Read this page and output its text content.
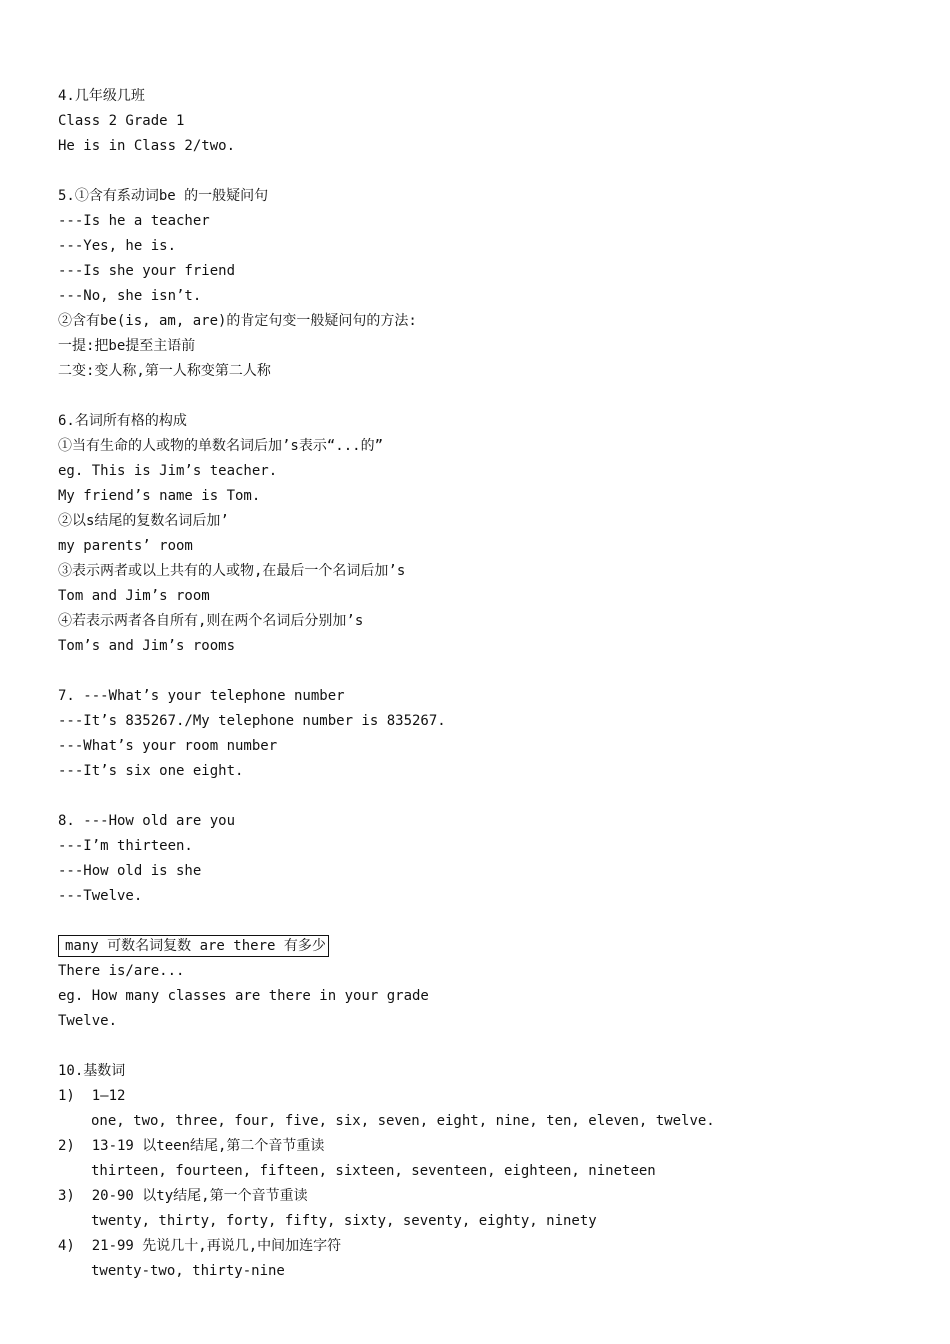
4.几年级几班
Class 2 Grade 1
He is in Class 2/two.
5.①含有系动词be 的一般疑问句
---Is he a teacher
---Yes, he is.
---Is she your friend
---No, she isn’t.
②含有be(is, am, are)的肯定句变一般疑问句的方法:
一提:把be提至主语前
二变:变人称,第一人称变第二人称
6.名词所有格的构成
①当有生命的人或物的单数名词后加’s表示“...的”
eg. This is Jim’s teacher.
My friend’s name is Tom.
②以s结尾的复数名词后加’
my parents’ room
③表示两者或以上共有的人或物,在最后一个名词后加’s
Tom and Jim’s room
④若表示两者各自所有,则在两个名词后分别加’s
Tom’s and Jim’s rooms
7. ---What’s your telephone number
---It’s 835267./My telephone number is 835267.
---What’s your room number
---It’s six one eight.
8. ---How old are you
---I’m thirteen.
---How old is she
---Twelve.
many 可数名词复数 are there 有多少
There is/are...
eg. How many classes are there in your grade
Twelve.
10.基数词
1)  1—12
one, two, three, four, five, six, seven, eight, nine, ten, eleven, twelve.
2)  13-19 以teen结尾,第二个音节重读
thirteen, fourteen, fifteen, sixteen, seventeen, eighteen, nineteen
3)  20-90 以ty结尾,第一个音节重读
twenty, thirty, forty, fifty, sixty, seventy, eighty, ninety
4)  21-99 先说几十,再说几,中间加连字符
twenty-two, thirty-nine
